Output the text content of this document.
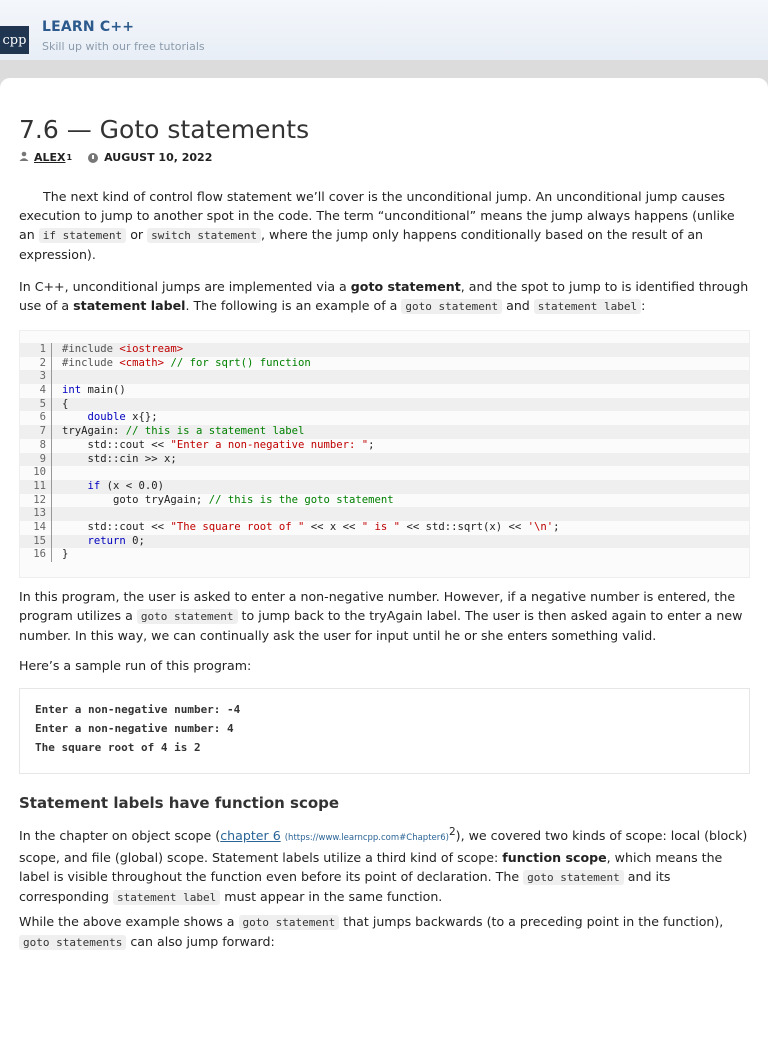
cpp
LEARN C++
Skill up with our free tutorials
7.6 — Goto statements
ALEX 1	AUGUST 10, 2022

The next kind of control flow statement we’ll cover is the unconditional jump. An unconditional jump causes execution to jump to another spot in the code. The term “unconditional” means the jump always happens (unlike an if statement or switch statement , where the jump only happens conditionally based on the result of an expression).

In C++, unconditional jumps are implemented via a goto statement, and the spot to jump to is identified through use of a statement label. The following is an example of a goto statement and statement label :

1 #include <iostream>
2 #include <cmath> // for sqrt() function
3
4 int main()
5 {
6	double x{};
7 tryAgain: // this is a statement label
8    std::cout << "Enter a non-negative number: ";
9    std::cin >> x;
10
11	if (x < 0.0)
12        goto tryAgain; // this is the goto statement
13
14    std::cout << "The square root of " << x << " is " << std::sqrt(x) << '\n';
15	return 0;
16 }

In this program, the user is asked to enter a non-negative number. However, if a negative number is entered, the program utilizes a goto statement to jump back to the tryAgain label. The user is then asked again to enter a new number. In this way, we can continually ask the user for input until he or she enters something valid.

Here’s a sample run of this program:

Enter a non-negative number: -4
Enter a non-negative number: 4
The square root of 4 is 2
Statement labels have function scope

In the chapter on object scope (chapter 6 (https://www.learncpp.com#Chapter6)$^2$), we covered two kinds of scope: local (block) scope, and file (global) scope. Statement labels utilize a third kind of scope: function scope, which means the label is visible throughout the function even before its point of declaration. The goto statement and its corresponding statement label must appear in the same function.

While the above example shows a goto statement that jumps backwards (to a preceding point in the function), goto statements can also jump forward:
